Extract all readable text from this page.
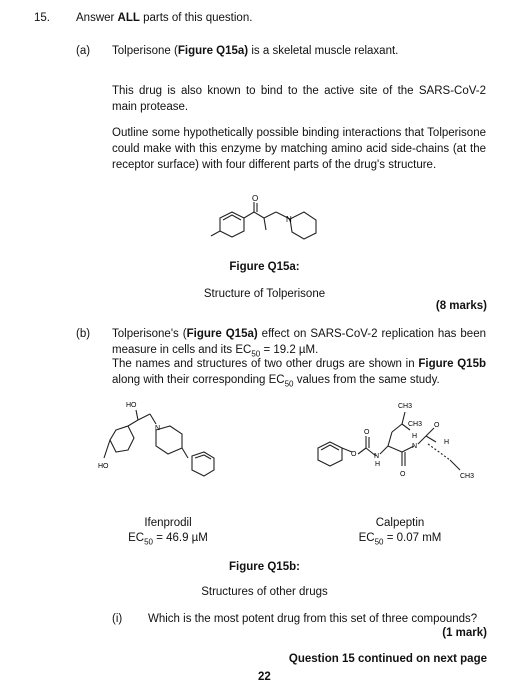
15. Answer ALL parts of this question.
(a) Tolperisone (Figure Q15a) is a skeletal muscle relaxant.
This drug is also known to bind to the active site of the SARS-CoV-2 main protease.
Outline some hypothetically possible binding interactions that Tolperisone could make with this enzyme by matching amino acid side-chains (at the receptor surface) with four different parts of the drug's structure.
O
N
Figure Q15a:
Structure of Tolperisone
(8 marks)
(b) Tolperisone's (Figure Q15a) effect on SARS-CoV-2 replication has been measure in cells and its $EC_{50} = 19.2$ µM.
The names and structures of two other drugs are shown in Figure Q15b along with their corresponding $EC_{50}$ values from the same study.
HO
HO
N
CH3
CH3 O
O
O
O	N
H
N
H
H
CH3
Ifenprodil
$EC_{50} = 46.9$ µM
Calpeptin
$EC_{50} = 0.07$ mM
Figure Q15b:
Structures of other drugs
(i) Which is the most potent drug from this set of three compounds?
(1 mark)
Question 15 continued on next page
22
